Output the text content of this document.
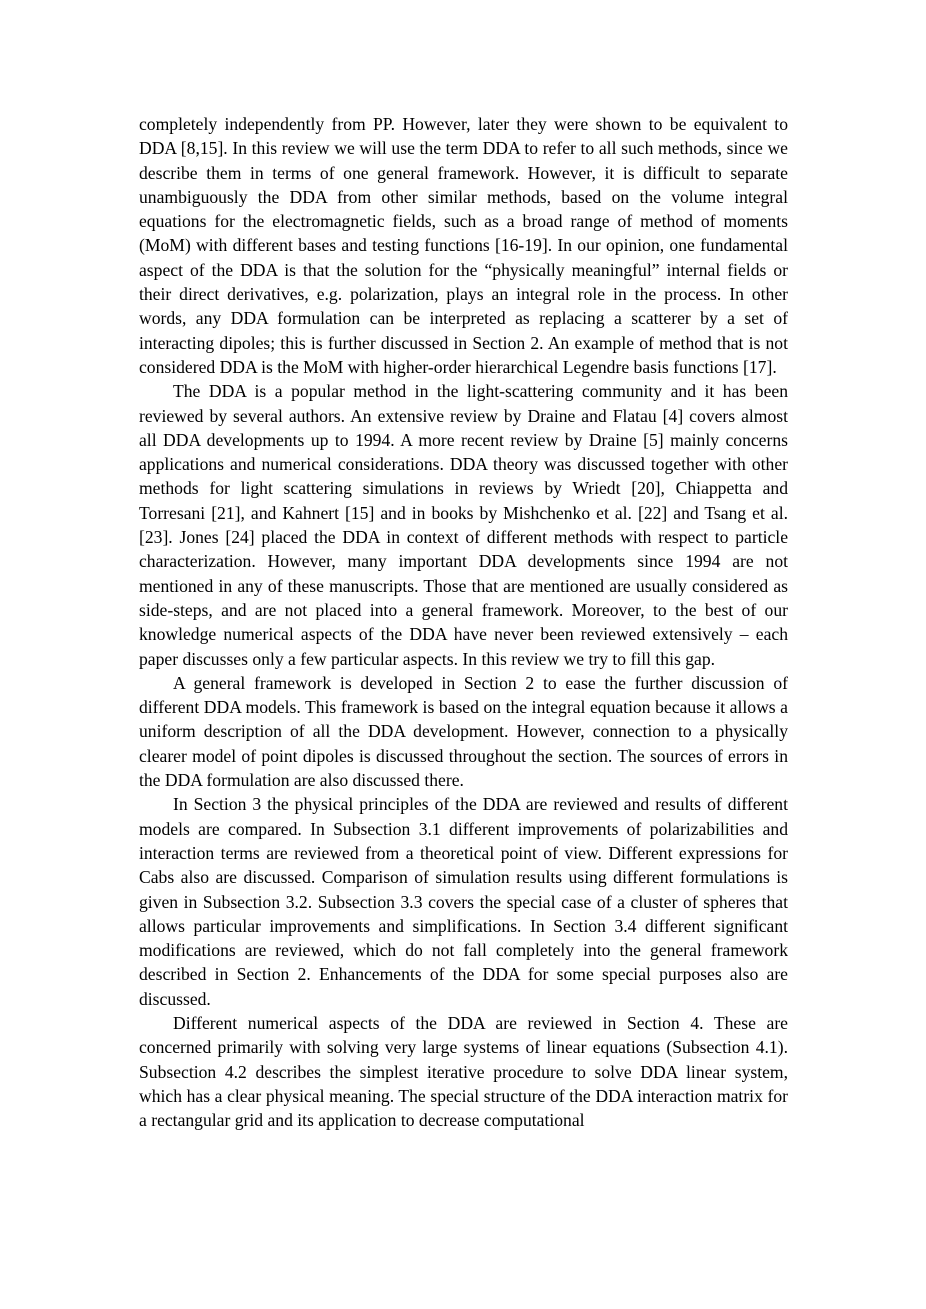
completely independently from PP. However, later they were shown to be equivalent to DDA [8,15]. In this review we will use the term DDA to refer to all such methods, since we describe them in terms of one general framework. However, it is difficult to separate unambiguously the DDA from other similar methods, based on the volume integral equations for the electromagnetic fields, such as a broad range of method of moments (MoM) with different bases and testing functions [16-19]. In our opinion, one fundamental aspect of the DDA is that the solution for the “physically meaningful” internal fields or their direct derivatives, e.g. polarization, plays an integral role in the process. In other words, any DDA formulation can be interpreted as replacing a scatterer by a set of interacting dipoles; this is further discussed in Section 2. An example of method that is not considered DDA is the MoM with higher-order hierarchical Legendre basis functions [17].

The DDA is a popular method in the light-scattering community and it has been reviewed by several authors. An extensive review by Draine and Flatau [4] covers almost all DDA developments up to 1994. A more recent review by Draine [5] mainly concerns applications and numerical considerations. DDA theory was discussed together with other methods for light scattering simulations in reviews by Wriedt [20], Chiappetta and Torresani [21], and Kahnert [15] and in books by Mishchenko et al. [22] and Tsang et al. [23]. Jones [24] placed the DDA in context of different methods with respect to particle characterization. However, many important DDA developments since 1994 are not mentioned in any of these manuscripts. Those that are mentioned are usually considered as side-steps, and are not placed into a general framework. Moreover, to the best of our knowledge numerical aspects of the DDA have never been reviewed extensively – each paper discusses only a few particular aspects. In this review we try to fill this gap.

A general framework is developed in Section 2 to ease the further discussion of different DDA models. This framework is based on the integral equation because it allows a uniform description of all the DDA development. However, connection to a physically clearer model of point dipoles is discussed throughout the section. The sources of errors in the DDA formulation are also discussed there.

In Section 3 the physical principles of the DDA are reviewed and results of different models are compared. In Subsection 3.1 different improvements of polarizabilities and interaction terms are reviewed from a theoretical point of view. Different expressions for Cabs also are discussed. Comparison of simulation results using different formulations is given in Subsection 3.2. Subsection 3.3 covers the special case of a cluster of spheres that allows particular improvements and simplifications. In Section 3.4 different significant modifications are reviewed, which do not fall completely into the general framework described in Section 2. Enhancements of the DDA for some special purposes also are discussed.

Different numerical aspects of the DDA are reviewed in Section 4. These are concerned primarily with solving very large systems of linear equations (Subsection 4.1). Subsection 4.2 describes the simplest iterative procedure to solve DDA linear system, which has a clear physical meaning. The special structure of the DDA interaction matrix for a rectangular grid and its application to decrease computational
